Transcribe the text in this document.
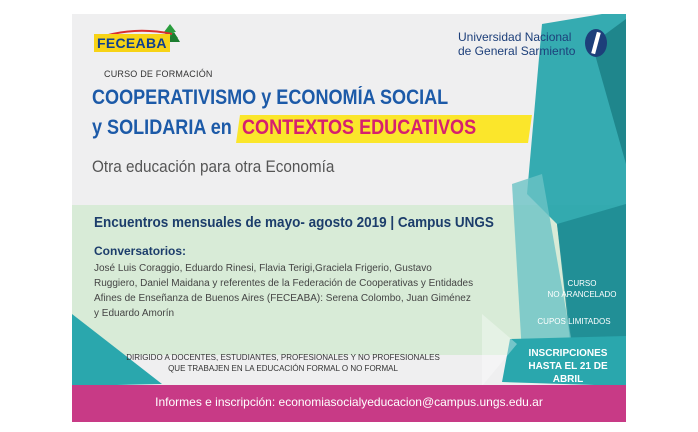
FECEABA	Universidad Nacional
de General Sarmiento
CURSO DE FORMACIÓN
COOPERATIVISMO y ECONOMÍA SOCIAL
y SOLIDARIA en CONTEXTOS EDUCATIVOS
Otra educación para otra Economía
Encuentros mensuales de mayo- agosto 2019 | Campus UNGS
Conversatorios:
José Luis Coraggio, Eduardo Rinesi, Flavia Terigi,Graciela Frigerio, Gustavo Ruggiero, Daniel Maidana y referentes de la Federación de Cooperativas y Entidades Afines de Enseñanza de Buenos Aires (FECEABA): Serena Colombo, Juan Giménez y Eduardo Amorín
CURSO
NO ARANCELADO
CUPOS LIMITADOS
INSCRIPCIONES
HASTA EL 21 DE ABRIL
DIRIGIDO A DOCENTES, ESTUDIANTES, PROFESIONALES Y NO PROFESIONALES
QUE TRABAJEN EN LA EDUCACIÓN FORMAL O NO FORMAL
Informes e inscripción: economiasocialyeducacion@campus.ungs.edu.ar
